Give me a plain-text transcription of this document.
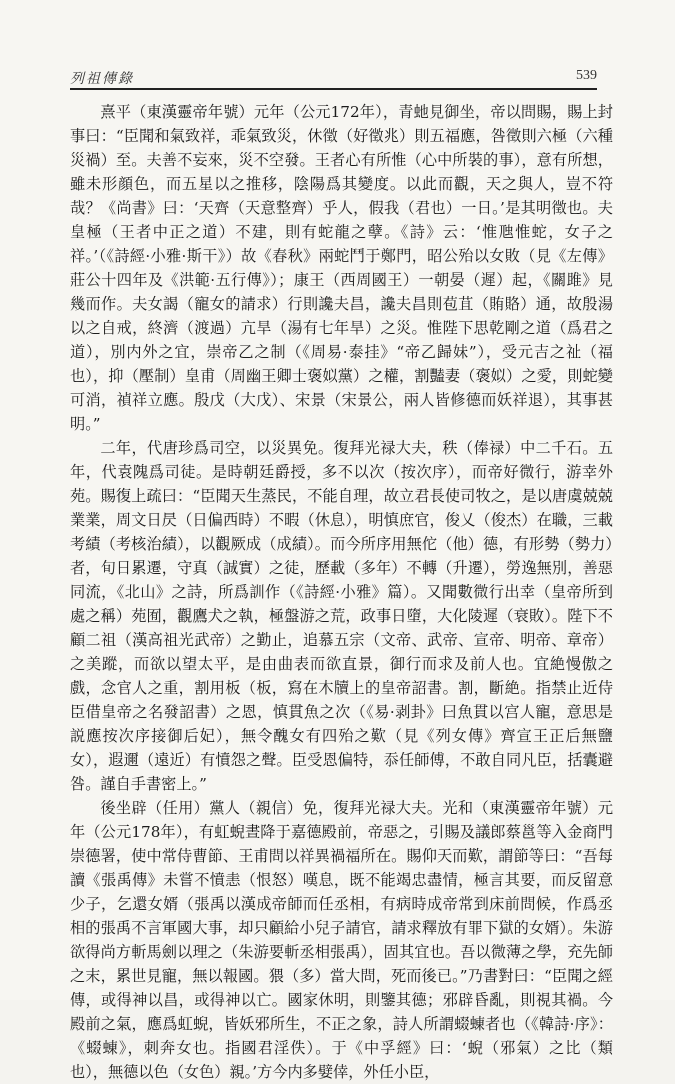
列祖傳錄	539

熹平（東漢靈帝年號）元年（公元172年），青虵見御坐，帝以問賜，賜上封事曰：“臣聞和氣致祥，乖氣致災，休徵（好徵兆）則五福應，咎徵則六極（六種災禍）至。夫善不妄來，災不空發。王者心有所惟（心中所裝的事），意有所想，雖未形顔色，而五星以之推移，陰陽爲其變度。以此而觀，天之與人，豈不符哉？《尚書》曰：‘天齊（天意整齊）乎人，假我（君也）一日。’是其明徵也。夫皇極（王者中正之道）不建，則有蛇龍之孽。《詩》云：‘惟虺惟蛇，女子之祥。’（《詩經·小雅·斯干》）故《春秋》兩蛇鬥于鄭門，昭公殆以女敗（見《左傳》莊公十四年及《洪範·五行傳》）；康王（西周國王）一朝晏（遲）起，《關雎》見幾而作。夫女謁（寵女的請求）行則讒夫昌，讒夫昌則苞苴（賄賂）通，故殷湯以之自戒，終濟（渡過）亢旱（湯有七年旱）之災。惟陛下思乾剛之道（爲君之道），別内外之宜，崇帝乙之制（《周易·泰挂》“帝乙歸妹”），受元吉之祉（福也），抑（壓制）皇甫（周幽王卿士褒姒黨）之權，割豔妻（褒姒）之愛，則蛇變可消，禎祥立應。殷戊（大戊）、宋景（宋景公，兩人皆修德而妖祥退），其事甚明。”

二年，代唐珍爲司空，以災異免。復拜光禄大夫，秩（俸禄）中二千石。五年，代袁隗爲司徒。是時朝廷爵授，多不以次（按次序），而帝好微行，游幸外苑。賜復上疏曰：“臣聞天生蒸民，不能自理，故立君長使司牧之，是以唐虞兢兢業業，周文日昃（日偏西時）不暇（休息），明慎庶官，俊乂（俊杰）在職，三載考績（考核治績），以觀厥成（成績）。而今所序用無佗（他）德，有形勢（勢力）者，旬日累遷，守真（誠實）之徒，歷載（多年）不轉（升遷），勞逸無別，善惡同流，《北山》之詩，所爲訓作（《詩經·小雅》篇）。又聞數微行出幸（皇帝所到處之稱）苑囿，觀鷹犬之執，極盤游之荒，政事日墮，大化陵遲（衰敗）。陛下不顧二祖（漢高祖光武帝）之勤止，追慕五宗（文帝、武帝、宣帝、明帝、章帝）之美蹤，而欲以望太平，是由曲表而欲直景，御行而求及前人也。宜絶慢傲之戲，念官人之重，割用板（板，寫在木牘上的皇帝詔書。割，斷絶。指禁止近侍臣借皇帝之名發詔書）之恩，慎貫魚之次（《易·剥卦》曰魚貫以宫人寵，意思是説應按次序接御后妃），無令醜女有四殆之歎（見《列女傳》齊宣王正后無鹽女），遐邇（遠近）有憤怨之聲。臣受恩偏特，忝任師傅，不敢自同凡臣，括囊避咎。謹自手書密上。”

後坐辟（任用）黨人（親信）免，復拜光禄大夫。光和（東漢靈帝年號）元年（公元178年），有虹蜺晝降于嘉德殿前，帝惡之，引賜及議郎蔡邕等入金商門崇德署，使中常侍曹節、王甫問以祥異禍福所在。賜仰天而歎，謂節等曰：“吾每讀《張禹傳》未嘗不憤恚（恨怒）嘆息，既不能竭忠盡情，極言其要，而反留意少子，乞還女婿（張禹以漢成帝師而任丞相，有病時成帝常到床前問候，作爲丞相的張禹不言軍國大事，却只顧給小兒子請官，請求釋放有罪下獄的女婿）。朱游欲得尚方斬馬劍以理之（朱游要斬丞相張禹），固其宜也。吾以微薄之學，充先師之末，累世見寵，無以報國。猥（多）當大問，死而後已。”乃書對曰：“臣聞之經傳，或得神以昌，或得神以亡。國家休明，則鑒其德；邪辟昏亂，則視其禍。今殿前之氣，應爲虹蜺，皆妖邪所生，不正之象，詩人所謂蝃蝀者也（《韓詩·序》：《蝃蝀》，刺奔女也。指國君淫佚）。于《中孚經》曰：‘蜺（邪氣）之比（類也），無德以色（女色）親。’方今内多嬖倖，外任小臣，
